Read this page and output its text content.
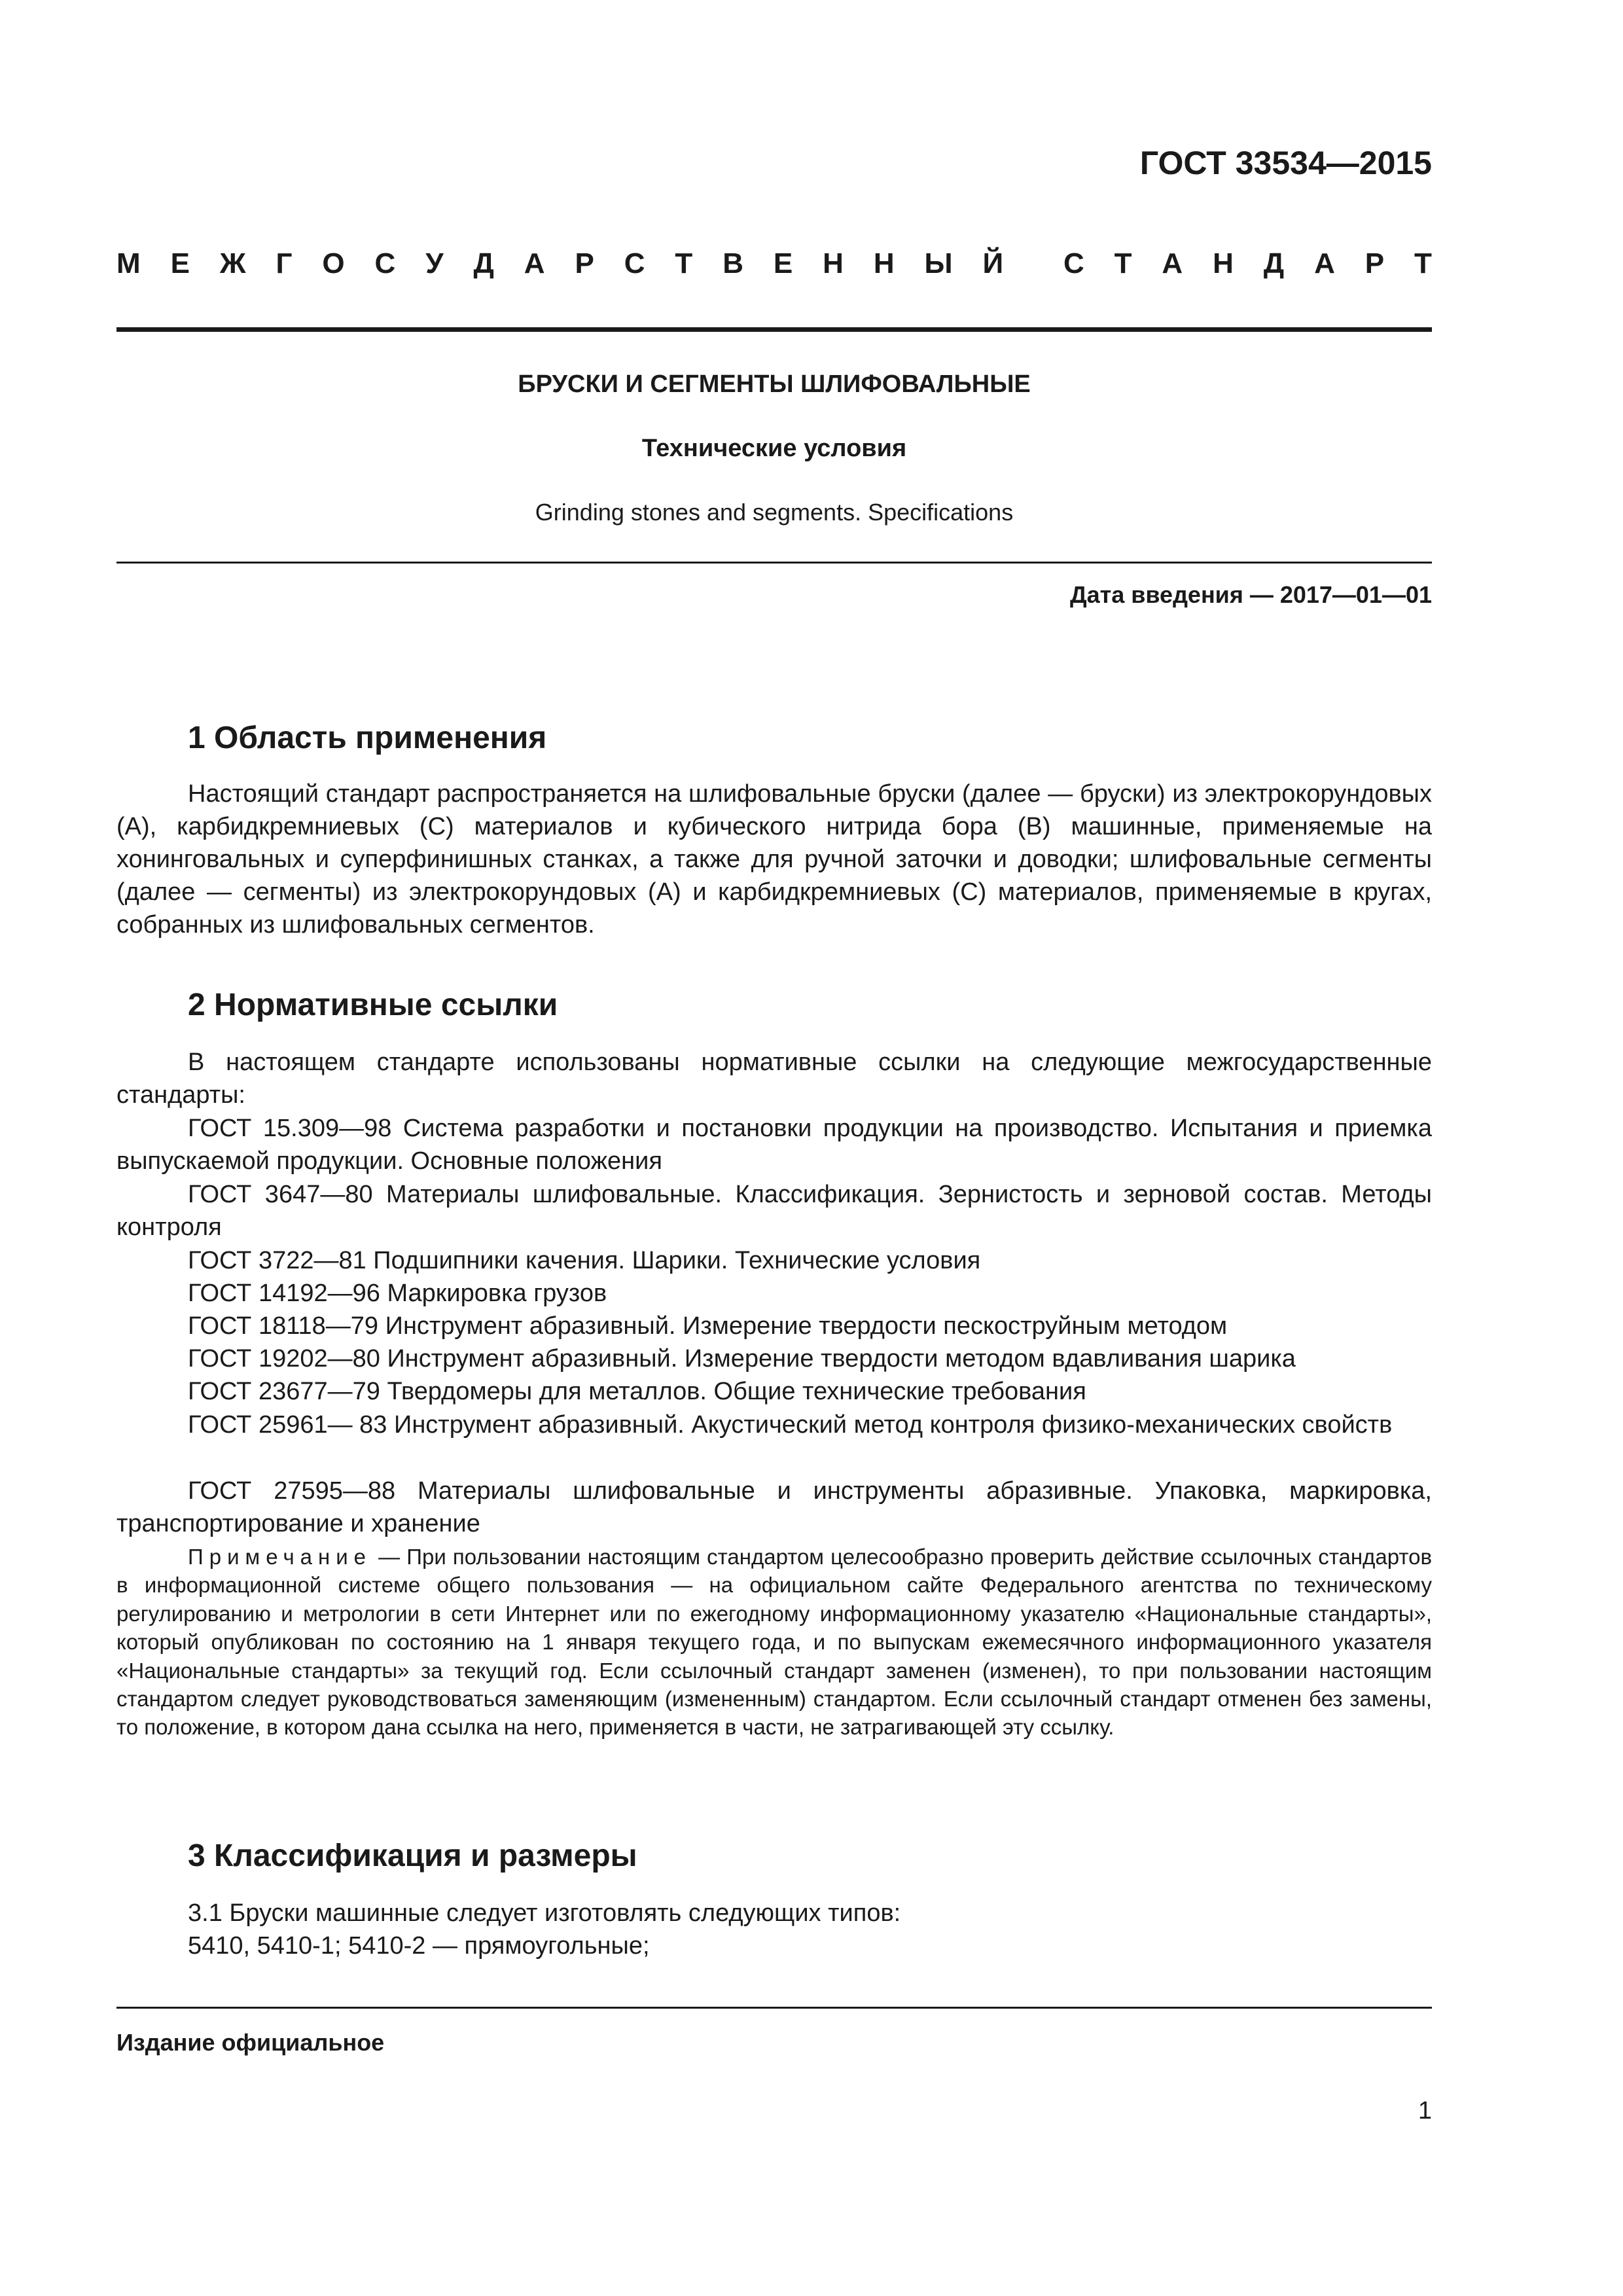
ГОСТ 33534—2015
М Е Ж Г О С У Д А Р С Т В Е Н Н Ы Й С Т А Н Д А Р Т
БРУСКИ И СЕГМЕНТЫ ШЛИФОВАЛЬНЫЕ
Технические условия
Grinding stones and segments. Specifications
Дата введения — 2017—01—01
1 Область применения

Настоящий стандарт распространяется на шлифовальные бруски (далее — бруски) из электрокорундовых (А), карбидкремниевых (С) материалов и кубического нитрида бора (В) машинные, применяемые на хонинговальных и суперфинишных станках, а также для ручной заточки и доводки; шлифовальные сегменты (далее — сегменты) из электрокорундовых (А) и карбидкремниевых (С) материалов, применяемые в кругах, собранных из шлифовальных сегментов.

2 Нормативные ссылки

В настоящем стандарте использованы нормативные ссылки на следующие межгосударственные стандарты:

ГОСТ 15.309—98 Система разработки и постановки продукции на производство. Испытания и приемка выпускаемой продукции. Основные положения

ГОСТ 3647—80 Материалы шлифовальные. Классификация. Зернистость и зерновой состав. Методы контроля

ГОСТ 3722—81 Подшипники качения. Шарики. Технические условия

ГОСТ 14192—96 Маркировка грузов

ГОСТ 18118—79 Инструмент абразивный. Измерение твердости пескоструйным методом

ГОСТ 19202—80 Инструмент абразивный. Измерение твердости методом вдавливания шарика

ГОСТ 23677—79 Твердомеры для металлов. Общие технические требования

ГОСТ 25961— 83 Инструмент абразивный. Акустический метод контроля физико-механических свойств

ГОСТ 27595—88 Материалы шлифовальные и инструменты абразивные. Упаковка, маркировка, транспортирование и хранение

Примечание — При пользовании настоящим стандартом целесообразно проверить действие ссылочных стандартов в информационной системе общего пользования — на официальном сайте Федерального агентства по техническому регулированию и метрологии в сети Интернет или по ежегодному информационному указателю «Национальные стандарты», который опубликован по состоянию на 1 января текущего года, и по выпускам ежемесячного информационного указателя «Национальные стандарты» за текущий год. Если ссылочный стандарт заменен (изменен), то при пользовании настоящим стандартом следует руководствоваться заменяющим (измененным) стандартом. Если ссылочный стандарт отменен без замены, то положение, в котором дана ссылка на него, применяется в части, не затрагивающей эту ссылку.

3 Классификация и размеры

3.1 Бруски машинные следует изготовлять следующих типов:

5410, 5410-1; 5410-2 — прямоугольные;

Издание официальное
1
